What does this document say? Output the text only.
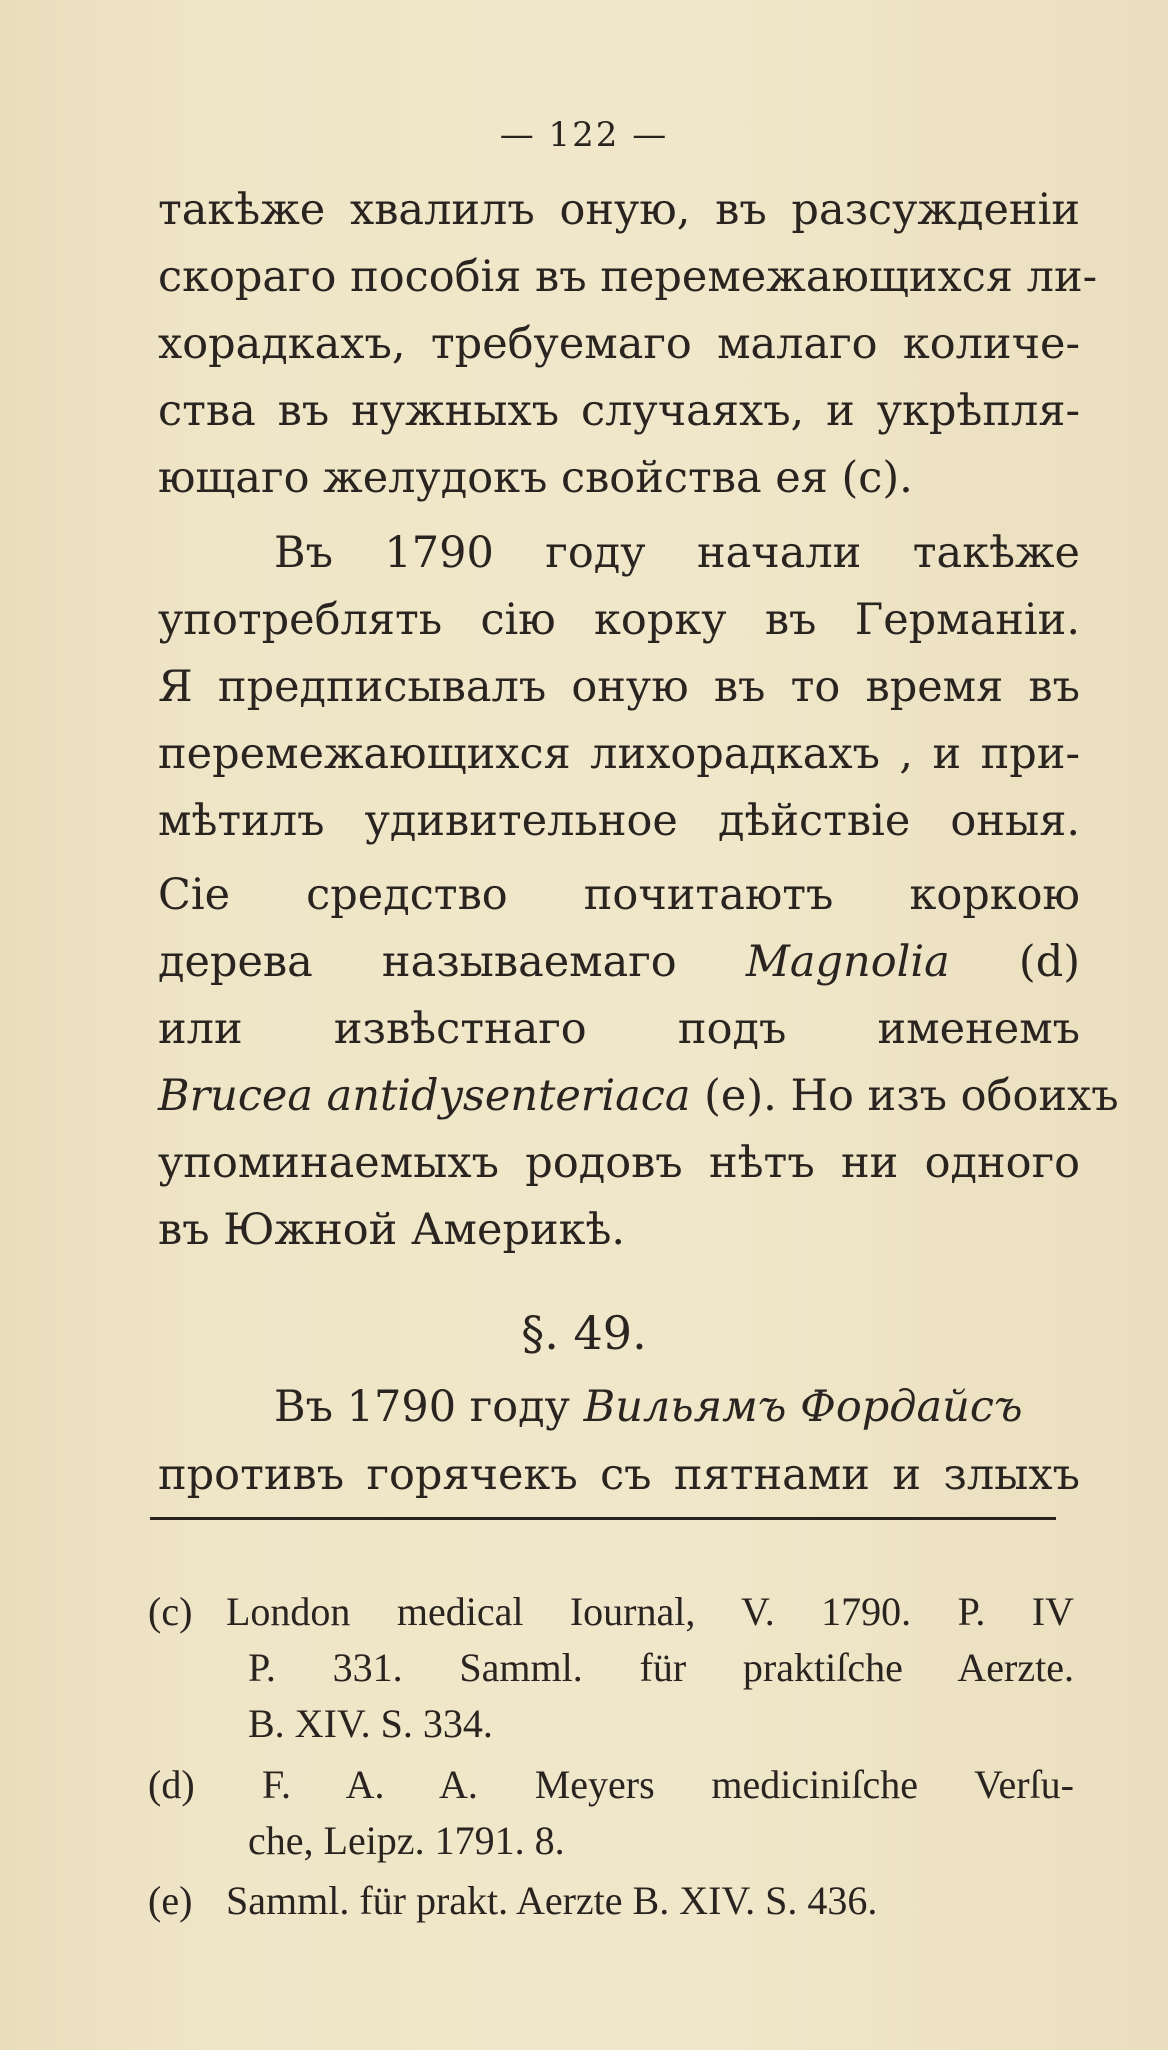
— 122 —
такѣже хвалилъ оную, въ разсужденіи
скораго пособія въ перемежающихся ли-
хорадкахъ, требуемаго малаго количе-
ства въ нужныхъ случаяхъ, и укрѣпля-
ющаго желудокъ свойства ея (c).
Въ 1790 году начали такѣже
употреблять сію корку въ Германіи.
Я предписывалъ оную въ то время въ
перемежающихся лихорадкахъ , и при-
мѣтилъ удивительное дѣйствіе оныя.
Сіе средство почитаютъ коркою
дерева называемаго Magnolia (d)
или извѣстнаго подъ именемъ
Brucea antidysenteriaca (e). Но изъ обоихъ
упоминаемыхъ родовъ нѣтъ ни одного
въ Южной Америкѣ.
§. 49.
Въ 1790 году Вильямъ Фордайсъ
противъ горячекъ съ пятнами и злыхъ
(c) London medical Iournal, V. 1790. P. IV
P. 331. Samml. für praktiſche Aerzte.
B. XIV. S. 334.
(d) F. A. A. Meyers mediciniſche Verſu-
che, Leipz. 1791. 8.
(e) Samml. für prakt. Aerzte B. XIV. S. 436.
